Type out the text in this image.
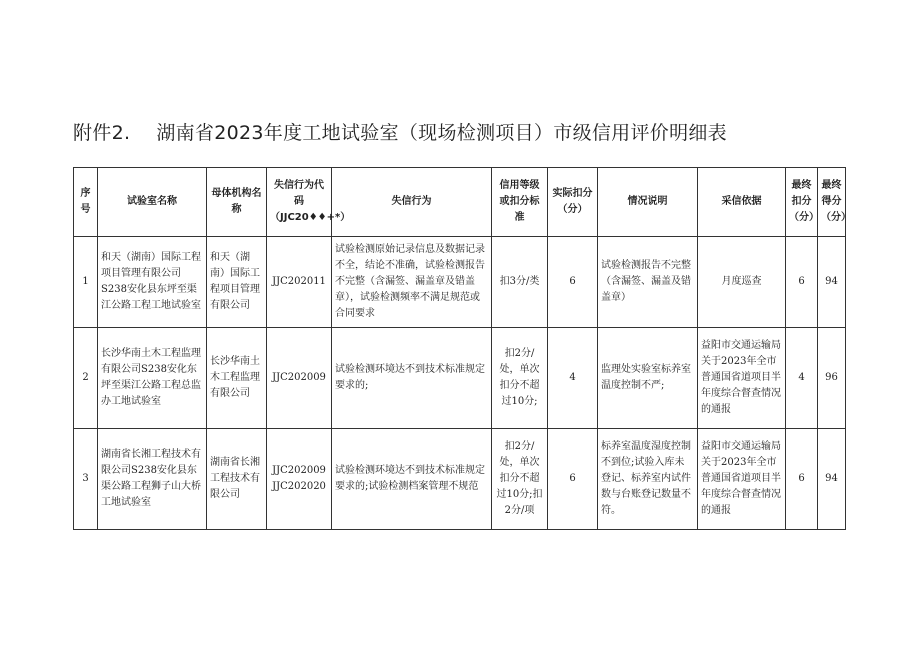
附件2. 湖南省2023年度工地试验室（现场检测项目）市级信用评价明细表
序号	试验室名称	母体机构名称	失信行为代码（JJC20♦♦+*）	失信行为	信用等级或扣分标准	实际扣分（分）	情况说明	采信依据	最终扣分（分）	最终得分（分）
1	和天（湖南）国际工程项目管理有限公司S238安化县东坪至渠江公路工程工地试验室	和天（湖南）国际工程项目管理有限公司	JJC202011	试验检测原始记录信息及数据记录不全，结论不准确，试验检测报告不完整（含漏签、漏盖章及错盖章），试验检测频率不满足规范或合同要求	扣3分/类	6	试验检测报告不完整（含漏签、漏盖及错盖章）	月度巡查	6	94
2	长沙华南土木工程监理有限公司S238安化东坪至渠江公路工程总监办工地试验室	长沙华南土木工程监理有限公司	JJC202009	试验检测环境达不到技术标准规定要求的;	扣2分/处，单次扣分不超过10分;	4	监理处实验室标养室温度控制不严;	益阳市交通运输局关于2023年全市普通国省道项目半年度综合督查情况的通报	4	96
3	湖南省长湘工程技术有限公司S238安化县东渠公路工程狮子山大桥工地试验室	湖南省长湘工程技术有限公司	JJC202009 JJC202020	试验检测环境达不到技术标准规定要求的;试验检测档案管理不规范	扣2分/处，单次扣分不超过10分;扣2分/项	6	标养室温度湿度控制不到位;试验入库未登记、标养室内试件数与台账登记数量不符。	益阳市交通运输局关于2023年全市普通国省道项目半年度综合督查情况的通报	6	94
